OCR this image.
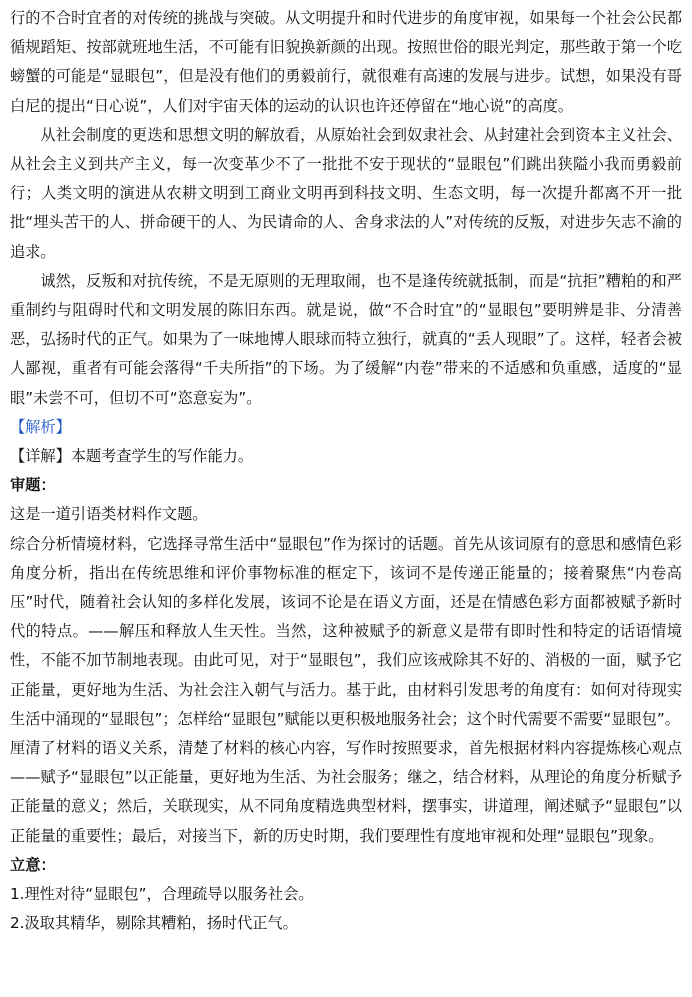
行的不合时宜者的对传统的挑战与突破。从文明提升和时代进步的角度审视，如果每一个社会公民都循规蹈矩、按部就班地生活，不可能有旧貌换新颜的出现。按照世俗的眼光判定，那些敢于第一个吃螃蟹的可能是“显眼包”，但是没有他们的勇毅前行，就很难有高速的发展与进步。试想，如果没有哥白尼的提出“日心说”，人们对宇宙天体的运动的认识也许还停留在“地心说”的高度。

从社会制度的更迭和思想文明的解放看，从原始社会到奴隶社会、从封建社会到资本主义社会、从社会主义到共产主义，每一次变革少不了一批批不安于现状的“显眼包”们跳出狭隘小我而勇毅前行；人类文明的演进从农耕文明到工商业文明再到科技文明、生态文明，每一次提升都离不开一批批“埋头苦干的人、拼命硬干的人、为民请命的人、舍身求法的人”对传统的反叛，对进步矢志不渝的追求。

诚然，反叛和对抗传统，不是无原则的无理取闹，也不是逢传统就抵制，而是“抗拒”糟粕的和严重制约与阻碍时代和文明发展的陈旧东西。就是说，做“不合时宜”的“显眼包”要明辨是非、分清善恶，弘扬时代的正气。如果为了一味地博人眼球而特立独行，就真的“丢人现眼”了。这样，轻者会被人鄙视，重者有可能会落得“千夫所指”的下场。为了缓解“内卷”带来的不适感和负重感，适度的“显眼”未尝不可，但切不可“恣意妄为”。

【解析】

【详解】本题考查学生的写作能力。

审题：

这是一道引语类材料作文题。

综合分析情境材料，它选择寻常生活中“显眼包”作为探讨的话题。首先从该词原有的意思和感情色彩角度分析，指出在传统思维和评价事物标准的框定下，该词不是传递正能量的；接着聚焦“内卷高压”时代，随着社会认知的多样化发展，该词不论是在语义方面，还是在情感色彩方面都被赋予新时代的特点。——解压和释放人生天性。当然，这种被赋予的新意义是带有即时性和特定的话语情境性，不能不加节制地表现。由此可见，对于“显眼包”，我们应该戒除其不好的、消极的一面，赋予它正能量，更好地为生活、为社会注入朝气与活力。基于此，由材料引发思考的角度有：如何对待现实生活中涌现的“显眼包”；怎样给“显眼包”赋能以更积极地服务社会；这个时代需要不需要“显眼包”。

厘清了材料的语义关系，清楚了材料的核心内容，写作时按照要求，首先根据材料内容提炼核心观点——赋予“显眼包”以正能量，更好地为生活、为社会服务；继之，结合材料，从理论的角度分析赋予正能量的意义；然后，关联现实，从不同角度精选典型材料，摆事实，讲道理，阐述赋予“显眼包”以正能量的重要性；最后，对接当下，新的历史时期，我们要理性有度地审视和处理“显眼包”现象。

立意：

1.理性对待“显眼包”，合理疏导以服务社会。

2.汲取其精华，剔除其糟粕，扬时代正气。
